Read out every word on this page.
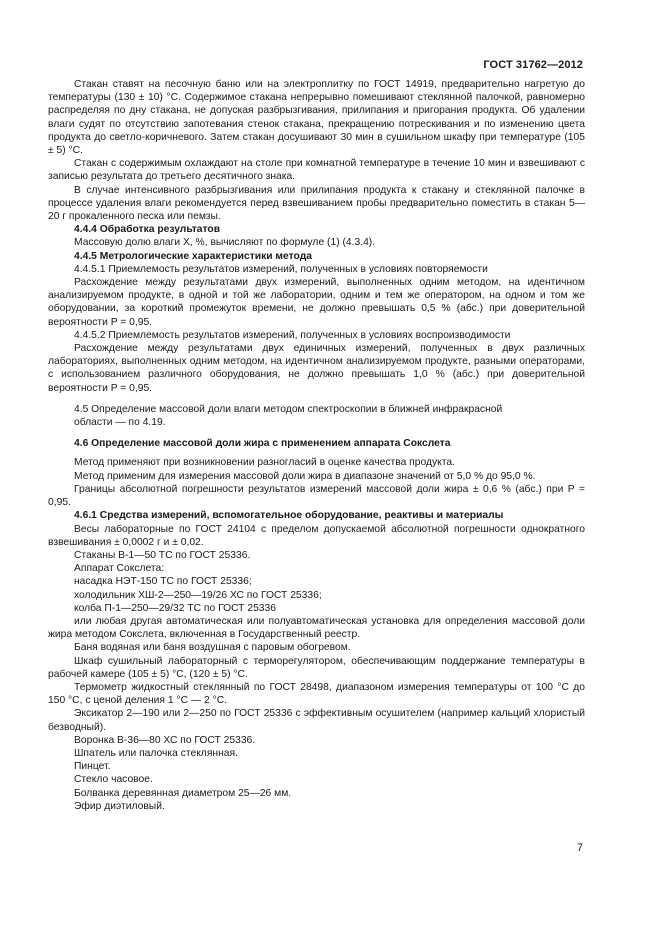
ГОСТ 31762—2012

Стакан ставят на песочную баню или на электроплитку по ГОСТ 14919, предварительно нагретую до температуры (130 ± 10) °С. Содержимое стакана непрерывно помешивают стеклянной палочкой, равномерно распределяя по дну стакана, не допуская разбрызгивания, прилипания и пригорания продукта. Об удалении влаги судят по отсутствию запотевания стенок стакана, прекращению потрескивания и по изменению цвета продукта до светло-коричневого. Затем стакан досушивают 30 мин в сушильном шкафу при температуре (105 ± 5) °С.

Стакан с содержимым охлаждают на столе при комнатной температуре в течение 10 мин и взвешивают с записью результата до третьего десятичного знака.

В случае интенсивного разбрызгивания или прилипания продукта к стакану и стеклянной палочке в процессе удаления влаги рекомендуется перед взвешиванием пробы предварительно поместить в стакан 5—20 г прокаленного песка или пемзы.

4.4.4 Обработка результатов

Массовую долю влаги X, %, вычисляют по формуле (1) (4.3.4).

4.4.5 Метрологические характеристики метода

4.4.5.1 Приемлемость результатов измерений, полученных в условиях повторяемости

Расхождение между результатами двух измерений, выполненных одним методом, на идентичном анализируемом продукте, в одной и той же лаборатории, одним и тем же оператором, на одном и том же оборудовании, за короткий промежуток времени, не должно превышать 0,5 % (абс.) при доверительной вероятности P = 0,95.

4.4.5.2 Приемлемость результатов измерений, полученных в условиях воспроизводимости

Расхождение между результатами двух единичных измерений, полученных в двух различных лабораториях, выполненных одним методом, на идентичном анализируемом продукте, разными операторами, с использованием различного оборудования, не должно превышать 1,0 % (абс.) при доверительной вероятности P = 0,95.

4.5 Определение массовой доли влаги методом спектроскопии в ближней инфракрасной

области — по 4.19.

4.6 Определение массовой доли жира с применением аппарата Сокслета

Метод применяют при возникновении разногласий в оценке качества продукта.

Метод применим для измерения массовой доли жира в диапазоне значений от 5,0 % до 95,0 %.

Границы абсолютной погрешности результатов измерений массовой доли жира ± 0,6 % (абс.) при P = 0,95.

4.6.1 Средства измерений, вспомогательное оборудование, реактивы и материалы

Весы лабораторные по ГОСТ 24104 с пределом допускаемой абсолютной погрешности однократного взвешивания ± 0,0002 г и ± 0,02.

Стаканы В-1—50 ТС по ГОСТ 25336.

Аппарат Сокслета:

насадка НЭТ-150 ТС по ГОСТ 25336;

холодильник ХШ-2—250—19/26 ХС по ГОСТ 25336;

колба П-1—250—29/32 ТС по ГОСТ 25336

или любая другая автоматическая или полуавтоматическая установка для определения массовой доли жира методом Сокслета, включенная в Государственный реестр.

Баня водяная или баня воздушная с паровым обогревом.

Шкаф сушильный лабораторный с терморегулятором, обеспечивающим поддержание температуры в рабочей камере (105 ± 5) °С, (120 ± 5) °С.

Термометр жидкостный стеклянный по ГОСТ 28498, диапазоном измерения температуры от 100 °С до 150 °С, с ценой деления 1 °С — 2 °С.

Эксикатор 2—190 или 2—250 по ГОСТ 25336 с эффективным осушителем (например кальций хлористый безводный).

Воронка В-36—80 ХС по ГОСТ 25336.

Шпатель или палочка стеклянная.

Пинцет.

Стекло часовое.

Болванка деревянная диаметром 25—26 мм.

Эфир диэтиловый.

7
